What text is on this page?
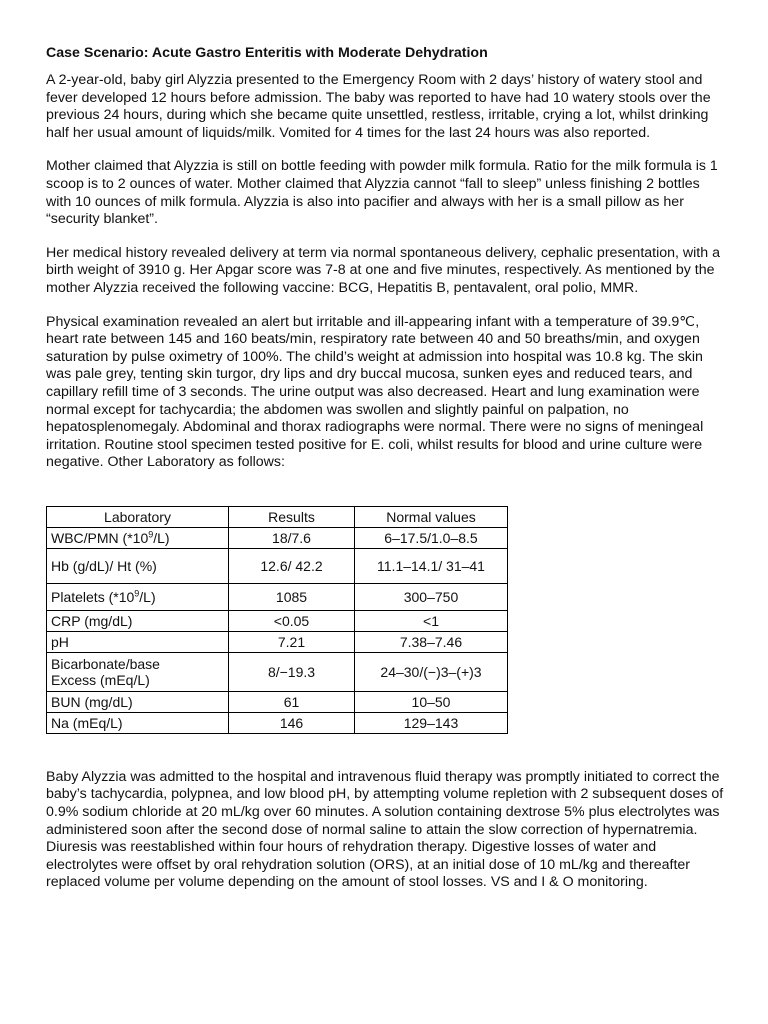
Case Scenario: Acute Gastro Enteritis with Moderate Dehydration

A 2-year-old, baby girl Alyzzia presented to the Emergency Room with 2 days’ history of watery stool and fever developed 12 hours before admission. The baby was reported to have had 10 watery stools over the previous 24 hours, during which she became quite unsettled, restless, irritable, crying a lot, whilst drinking half her usual amount of liquids/milk. Vomited for 4 times for the last 24 hours was also reported.

Mother claimed that Alyzzia is still on bottle feeding with powder milk formula. Ratio for the milk formula is 1 scoop is to 2 ounces of water. Mother claimed that Alyzzia cannot “fall to sleep” unless finishing 2 bottles with 10 ounces of milk formula. Alyzzia is also into pacifier and always with her is a small pillow as her “security blanket”.

Her medical history revealed delivery at term via normal spontaneous delivery, cephalic presentation, with a birth weight of 3910 g. Her Apgar score was 7-8 at one and five minutes, respectively. As mentioned by the mother Alyzzia received the following vaccine: BCG, Hepatitis B, pentavalent, oral polio, MMR.

Physical examination revealed an alert but irritable and ill-appearing infant with a temperature of 39.9℃, heart rate between 145 and 160 beats/min, respiratory rate between 40 and 50 breaths/min, and oxygen saturation by pulse oximetry of 100%. The child’s weight at admission into hospital was 10.8 kg. The skin was pale grey, tenting skin turgor, dry lips and dry buccal mucosa, sunken eyes and reduced tears, and capillary refill time of 3 seconds. The urine output was also decreased. Heart and lung examination were normal except for tachycardia; the abdomen was swollen and slightly painful on palpation, no hepatosplenomegaly. Abdominal and thorax radiographs were normal. There were no signs of meningeal irritation. Routine stool specimen tested positive for E. coli, whilst results for blood and urine culture were negative. Other Laboratory as follows:

Laboratory	Results	Normal values
WBC/PMN $(*10^9/L)$	18/7.6	6–17.5/1.0–8.5
Hb (g/dL)/ Ht (%)	12.6/ 42.2	11.1–14.1/ 31–41
Platelets $(*10^9/L)$	1085	300–750
CRP (mg/dL)	<0.05	<1
pH	7.21	7.38–7.46
Bicarbonate/base
Excess (mEq/L)	8/−19.3	24–30/(−)3–(+)3
BUN (mg/dL)	61	10–50
Na (mEq/L)	146	129–143

Baby Alyzzia was admitted to the hospital and intravenous fluid therapy was promptly initiated to correct the baby’s tachycardia, polypnea, and low blood pH, by attempting volume repletion with 2 subsequent doses of 0.9% sodium chloride at 20 mL/kg over 60 minutes. A solution containing dextrose 5% plus electrolytes was administered soon after the second dose of normal saline to attain the slow correction of hypernatremia. Diuresis was reestablished within four hours of rehydration therapy. Digestive losses of water and electrolytes were offset by oral rehydration solution (ORS), at an initial dose of 10 mL/kg and thereafter replaced volume per volume depending on the amount of stool losses. VS and I & O monitoring.
